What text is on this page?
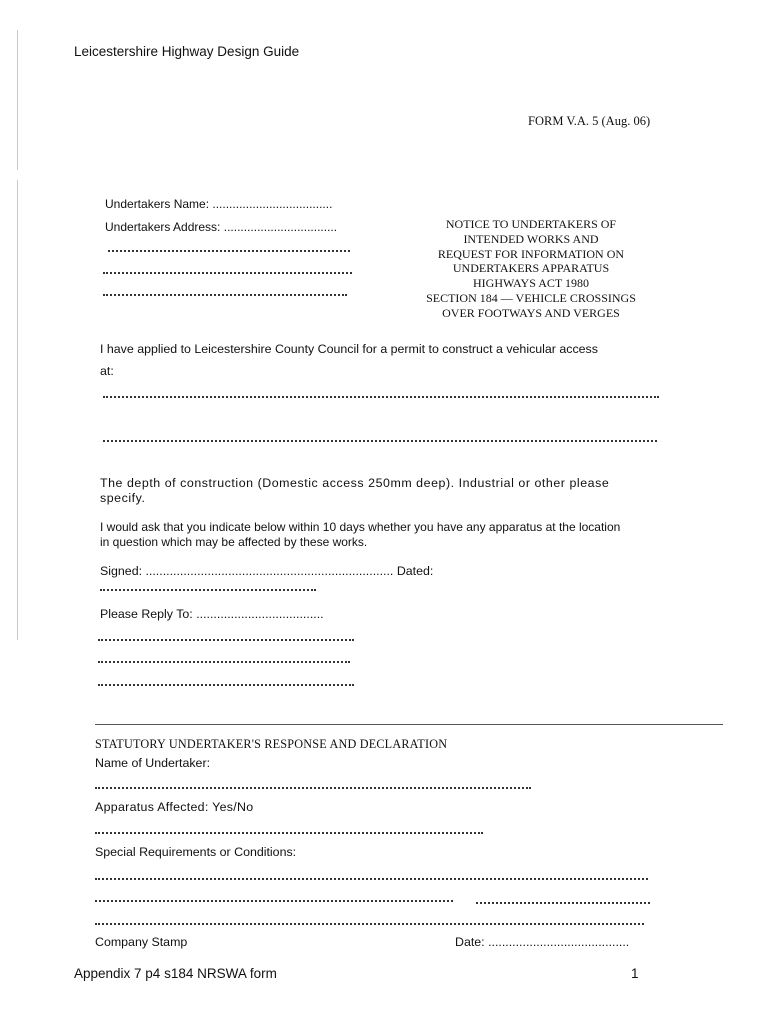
Leicestershire Highway Design Guide
FORM V.A. 5 (Aug. 06)
Undertakers Name: ....................................
Undertakers Address: ..................................	NOTICE TO UNDERTAKERS OF
INTENDED WORKS AND
REQUEST FOR INFORMATION ON
UNDERTAKERS APPARATUS
HIGHWAYS ACT 1980
SECTION 184 — VEHICLE CROSSINGS
OVER FOOTWAYS AND VERGES
I have applied to Leicestershire County Council for a permit to construct a vehicular access
at:
The depth of construction (Domestic access 250mm deep). Industrial or other please
specify.
I would ask that you indicate below within 10 days whether you have any apparatus at the location
in question which may be affected by these works.
Signed: ........................................................................ Dated:
Please Reply To: .....................................
STATUTORY UNDERTAKER'S RESPONSE AND DECLARATION
Name of Undertaker:
Apparatus Affected: Yes/No
Special Requirements or Conditions:
Company Stamp	Date: .........................................
Appendix 7 p4 s184 NRSWA form	1
